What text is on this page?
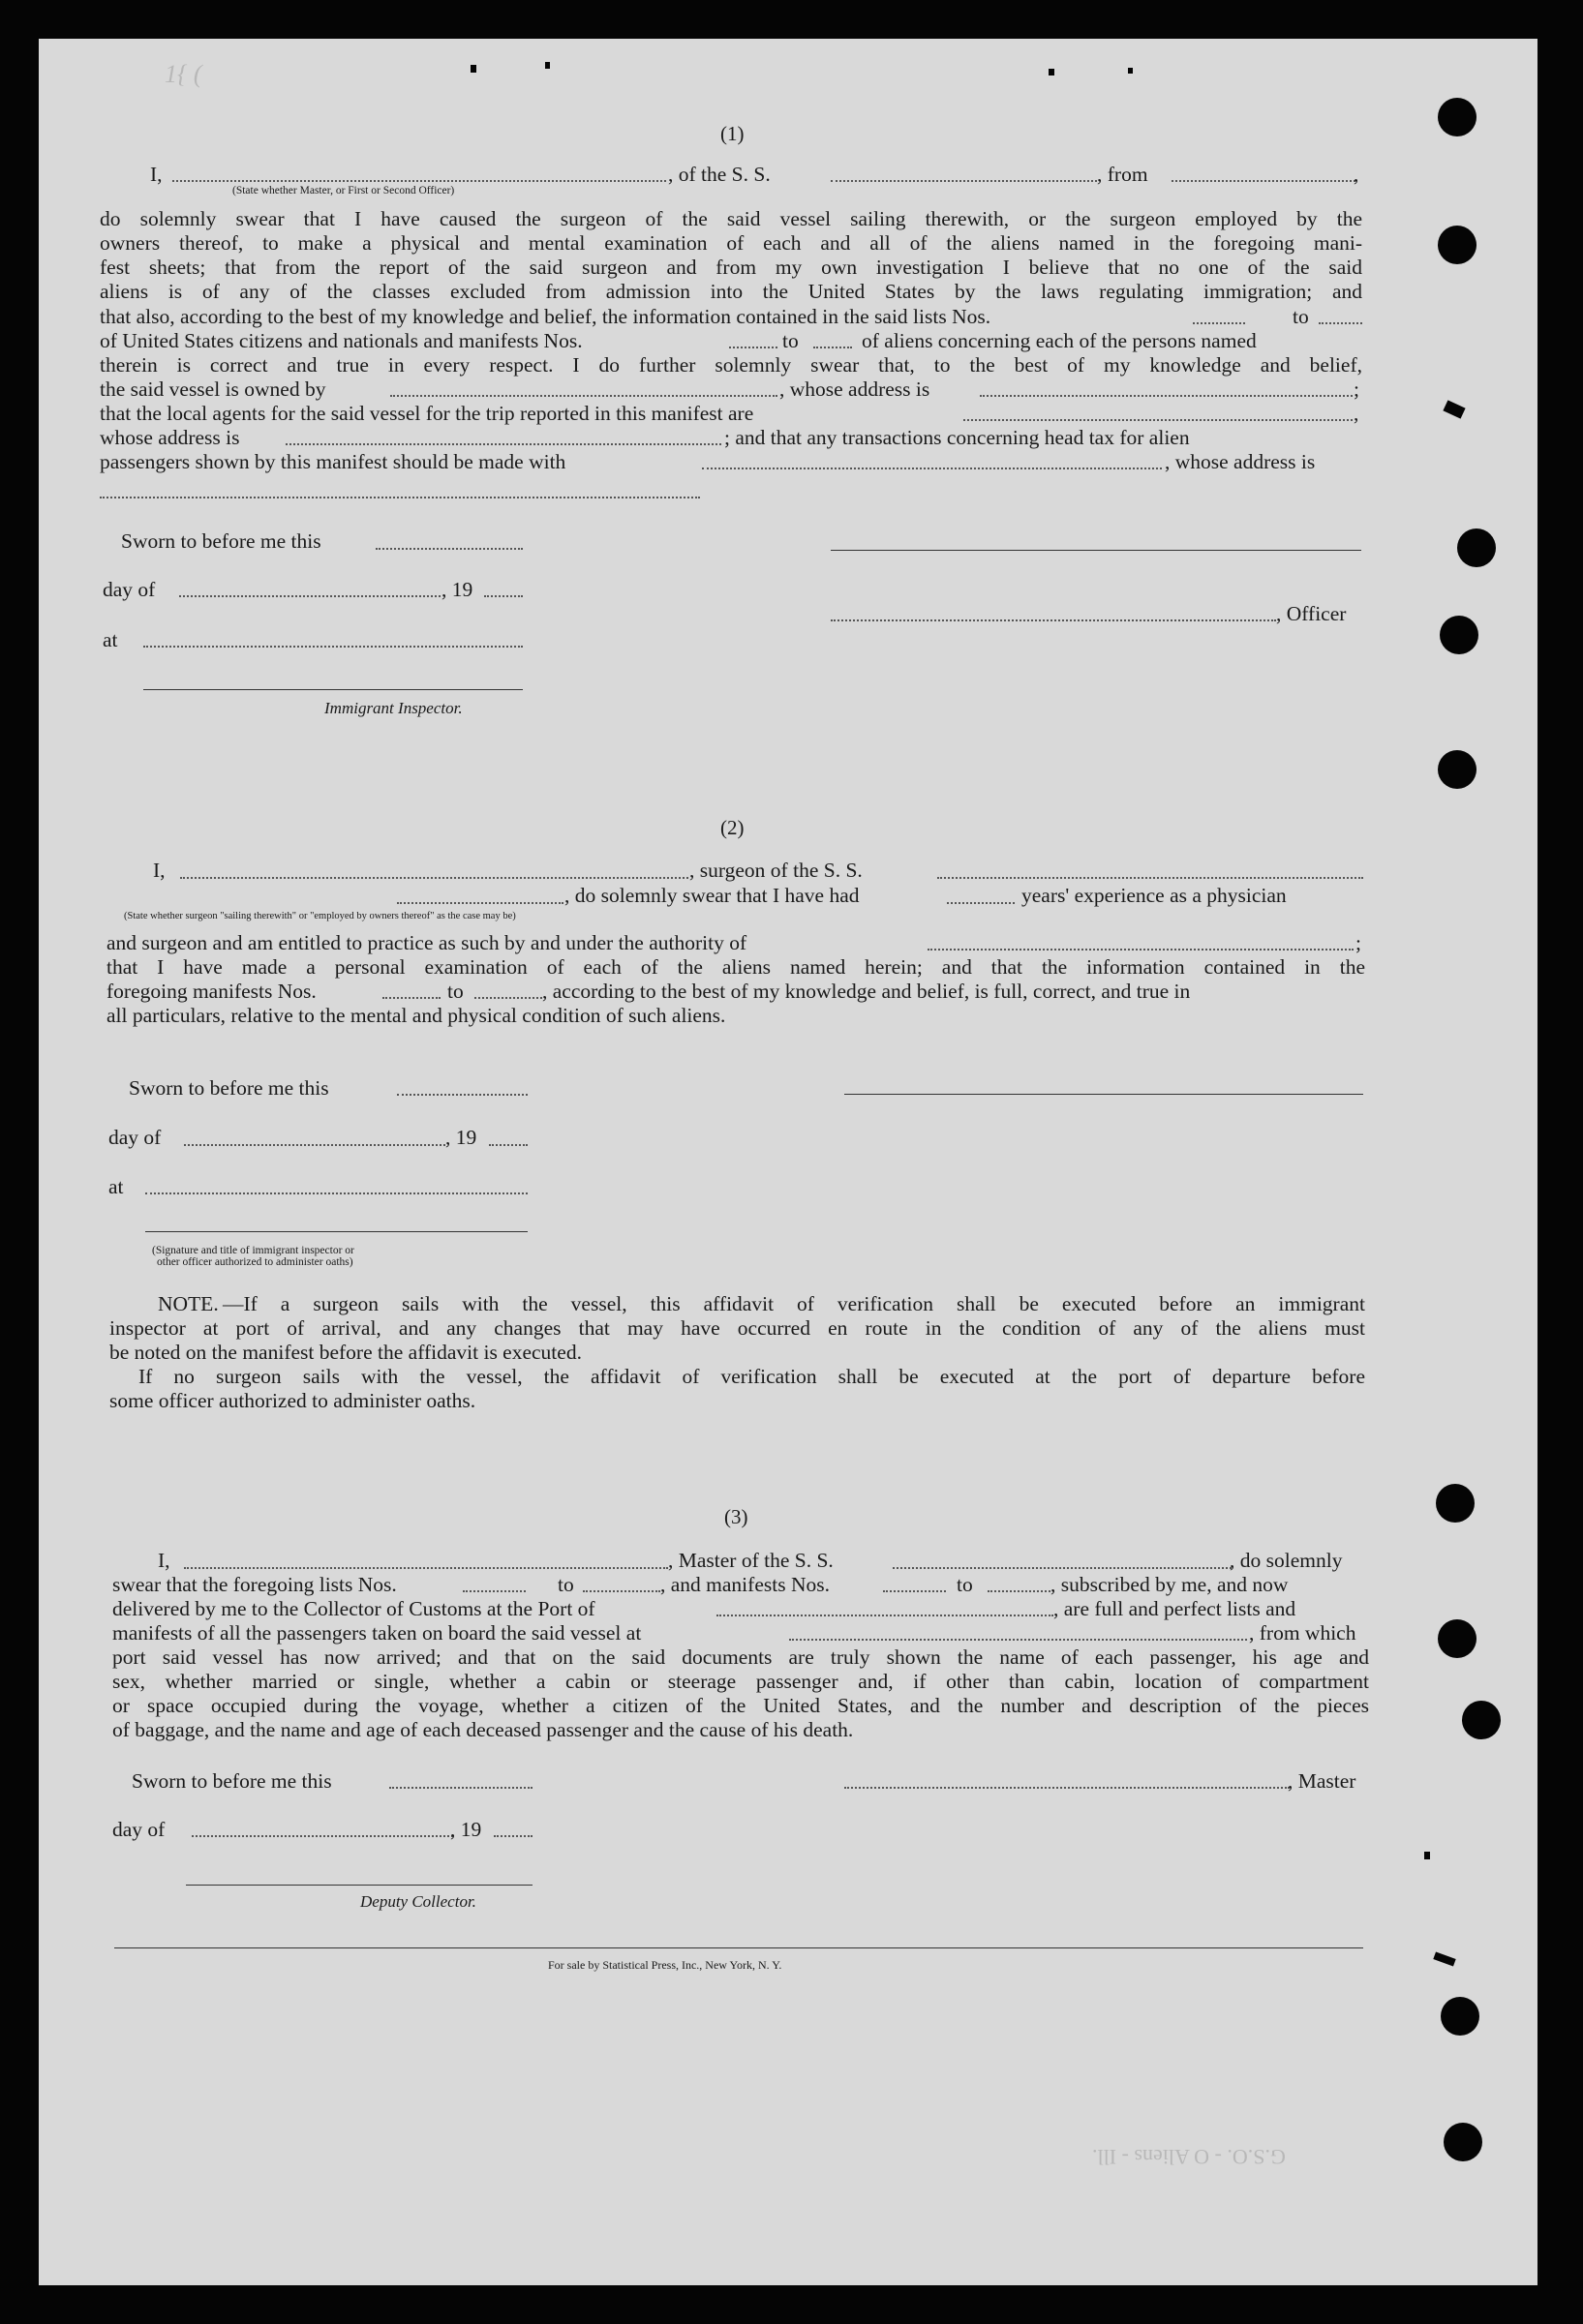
1{ (
G.S.O. - O Aliens - Ill.
(1)
I,
(State whether Master, or First or Second Officer)
, of the S. S.	, from	,
do solemnly swear that I have caused the surgeon of the said vessel sailing therewith, or the surgeon employed by the
owners thereof, to make a physical and mental examination of each and all of the aliens named in the foregoing mani-
fest sheets; that from the report of the said surgeon and from my own investigation I believe that no one of the said
aliens is of any of the classes excluded from admission into the United States by the laws regulating immigration; and
that also, according to the best of my knowledge and belief, the information contained in the said lists Nos.	to
of United States citizens and nationals and manifests Nos.	to	of aliens concerning each of the persons named
therein is correct and true in every respect. I do further solemnly swear that, to the best of my knowledge and belief,
the said vessel is owned by	, whose address is	;
that the local agents for the said vessel for the trip reported in this manifest are	,
whose address is	; and that any transactions concerning head tax for alien
passengers shown by this manifest should be made with	, whose address is
Sworn to before me this
day of	, 19
at
Immigrant Inspector.
, Officer
(2)
I,	, surgeon of the S. S.
, do solemnly swear that I have had	years' experience as a physician
(State whether surgeon "sailing therewith" or "employed by owners thereof" as the case may be)
and surgeon and am entitled to practice as such by and under the authority of	;
that I have made a personal examination of each of the aliens named herein; and that the information contained in the
foregoing manifests Nos.	to	, according to the best of my knowledge and belief, is full, correct, and true in
all particulars, relative to the mental and physical condition of such aliens.
Sworn to before me this
day of	, 19
at
(Signature and title of immigrant inspector or
other officer authorized to administer oaths)
NOTE. —If a surgeon sails with the vessel, this affidavit of verification shall be executed before an immigrant
inspector at port of arrival, and any changes that may have occurred en route in the condition of any of the aliens must
be noted on the manifest before the affidavit is executed.
If no surgeon sails with the vessel, the affidavit of verification shall be executed at the port of departure before
some officer authorized to administer oaths.
(3)
I,	, Master of the S. S.	, do solemnly
swear that the foregoing lists Nos.	to	, and manifests Nos.	to	, subscribed by me, and now
delivered by me to the Collector of Customs at the Port of	, are full and perfect lists and
manifests of all the passengers taken on board the said vessel at	, from which
port said vessel has now arrived; and that on the said documents are truly shown the name of each passenger, his age and
sex, whether married or single, whether a cabin or steerage passenger and, if other than cabin, location of compartment
or space occupied during the voyage, whether a citizen of the United States, and the number and description of the pieces
of baggage, and the name and age of each deceased passenger and the cause of his death.
Sworn to before me this	, Master
day of	, 19
Deputy Collector.
For sale by Statistical Press, Inc., New York, N. Y.
